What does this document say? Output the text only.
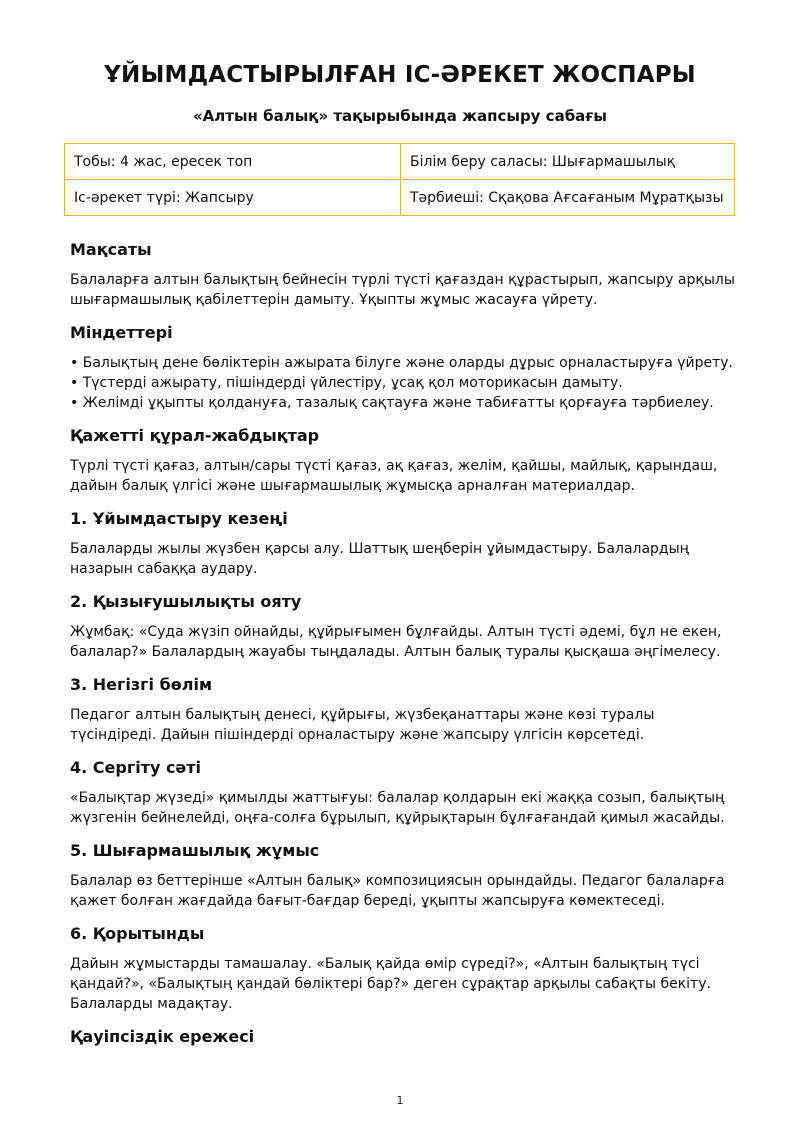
ҰЙЫМДАСТЫРЫЛҒАН ІС-ӘРЕКЕТ ЖОСПАРЫ
«Алтын балық» тақырыбында жапсыру сабағы
Тобы: 4 жас, ересек топ	Білім беру саласы: Шығармашылық
Іс-әрекет түрі: Жапсыру	Тәрбиеші: Сқақова Ағсағаным Мұратқызы
Мақсаты

Балаларға алтын балықтың бейнесін түрлі түсті қағаздан құрастырып, жапсыру арқылы шығармашылық қабілеттерін дамыту. Ұқыпты жұмыс жасауға үйрету.

Міндеттері
• Балықтың дене бөліктерін ажырата білуге және оларды дұрыс орналастыруға үйрету.
• Түстерді ажырату, пішіндерді үйлестіру, ұсақ қол моторикасын дамыту.
• Желімді ұқыпты қолдануға, тазалық сақтауға және табиғатты қорғауға тәрбиелеу.
Қажетті құрал-жабдықтар

Түрлі түсті қағаз, алтын/сары түсті қағаз, ақ қағаз, желім, қайшы, майлық, қарындаш, дайын балық үлгісі және шығармашылық жұмысқа арналған материалдар.

1. Ұйымдастыру кезеңі

Балаларды жылы жүзбен қарсы алу. Шаттық шеңберін ұйымдастыру. Балалардың назарын сабаққа аудару.

2. Қызығушылықты ояту

Жұмбақ: «Суда жүзіп ойнайды, құйрығымен бұлғайды. Алтын түсті әдемі, бұл не екен, балалар?» Балалардың жауабы тыңдалады. Алтын балық туралы қысқаша әңгімелесу.

3. Негізгі бөлім

Педагог алтын балықтың денесі, құйрығы, жүзбеқанаттары және көзі туралы түсіндіреді. Дайын пішіндерді орналастыру және жапсыру үлгісін көрсетеді.

4. Сергіту сәті

«Балықтар жүзеді» қимылды жаттығуы: балалар қолдарын екі жаққа созып, балықтың жүзгенін бейнелейді, оңға-солға бұрылып, құйрықтарын бұлғағандай қимыл жасайды.

5. Шығармашылық жұмыс

Балалар өз беттерінше «Алтын балық» композициясын орындайды. Педагог балаларға қажет болған жағдайда бағыт-бағдар береді, ұқыпты жапсыруға көмектеседі.

6. Қорытынды

Дайын жұмыстарды тамашалау. «Балық қайда өмір сүреді?», «Алтын балықтың түсі қандай?», «Балықтың қандай бөліктері бар?» деген сұрақтар арқылы сабақты бекіту. Балаларды мадақтау.

Қауіпсіздік ережесі
1
